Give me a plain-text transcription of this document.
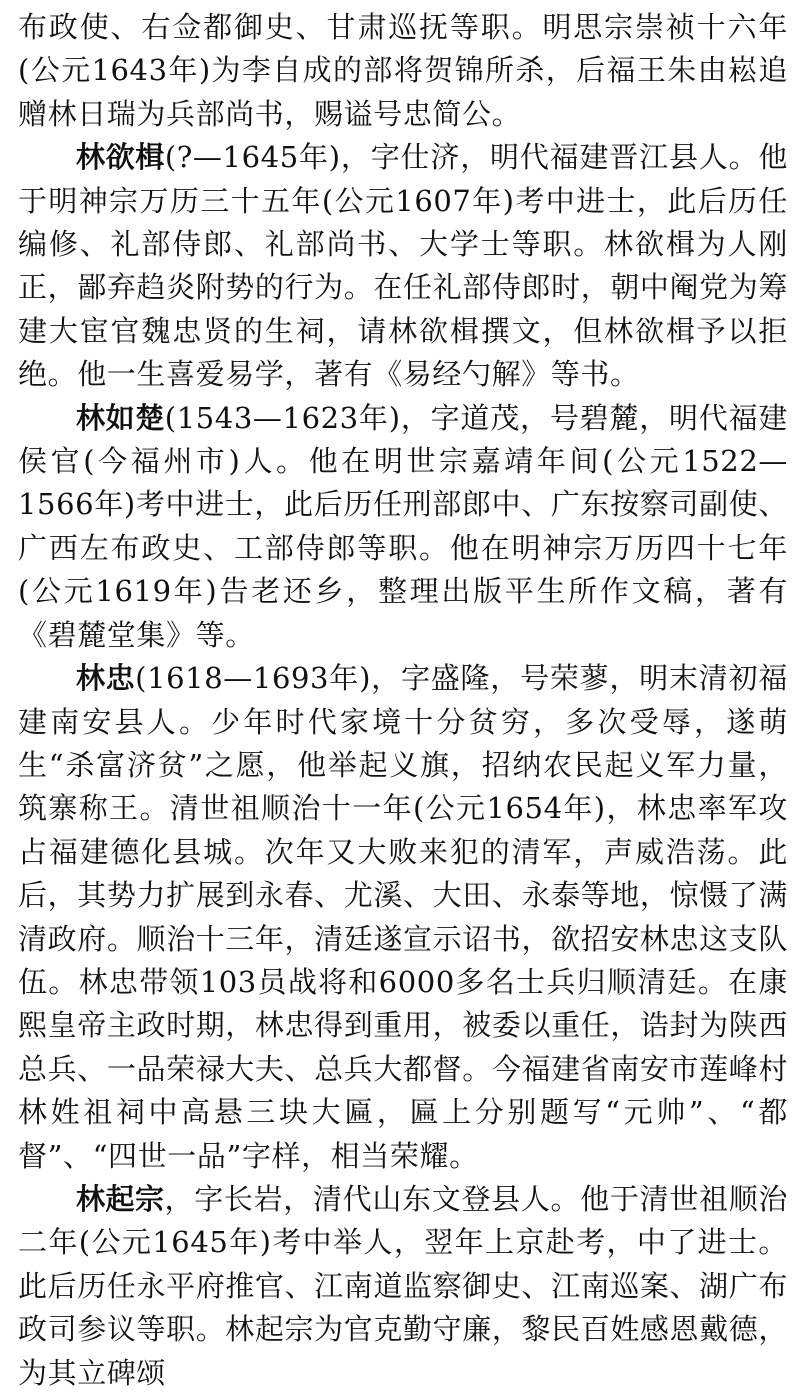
布政使、右佥都御史、甘肃巡抚等职。明思宗崇祯十六年(公元1643年)为李自成的部将贺锦所杀，后福王朱由崧追赠林日瑞为兵部尚书，赐谥号忠简公。

林欲楫(?—1645年)，字仕济，明代福建晋江县人。他于明神宗万历三十五年(公元1607年)考中进士，此后历任编修、礼部侍郎、礼部尚书、大学士等职。林欲楫为人刚正，鄙弃趋炎附势的行为。在任礼部侍郎时，朝中阉党为筹建大宦官魏忠贤的生祠，请林欲楫撰文，但林欲楫予以拒绝。他一生喜爱易学，著有《易经勺解》等书。

林如楚(1543—1623年)，字道茂，号碧麓，明代福建侯官(今福州市)人。他在明世宗嘉靖年间(公元1522—1566年)考中进士，此后历任刑部郎中、广东按察司副使、广西左布政史、工部侍郎等职。他在明神宗万历四十七年(公元1619年)告老还乡，整理出版平生所作文稿，著有《碧麓堂集》等。

林忠(1618—1693年)，字盛隆，号荣蓼，明末清初福建南安县人。少年时代家境十分贫穷，多次受辱，遂萌生“杀富济贫”之愿，他举起义旗，招纳农民起义军力量，筑寨称王。清世祖顺治十一年(公元1654年)，林忠率军攻占福建德化县城。次年又大败来犯的清军，声威浩荡。此后，其势力扩展到永春、尤溪、大田、永泰等地，惊慑了满清政府。顺治十三年，清廷遂宣示诏书，欲招安林忠这支队伍。林忠带领103员战将和6000多名士兵归顺清廷。在康熙皇帝主政时期，林忠得到重用，被委以重任，诰封为陕西总兵、一品荣禄大夫、总兵大都督。今福建省南安市莲峰村林姓祖祠中高悬三块大匾，匾上分别题写“元帅”、“都督”、“四世一品”字样，相当荣耀。

林起宗，字长岩，清代山东文登县人。他于清世祖顺治二年(公元1645年)考中举人，翌年上京赴考，中了进士。此后历任永平府推官、江南道监察御史、江南巡案、湖广布政司参议等职。林起宗为官克勤守廉，黎民百姓感恩戴德，为其立碑颂
